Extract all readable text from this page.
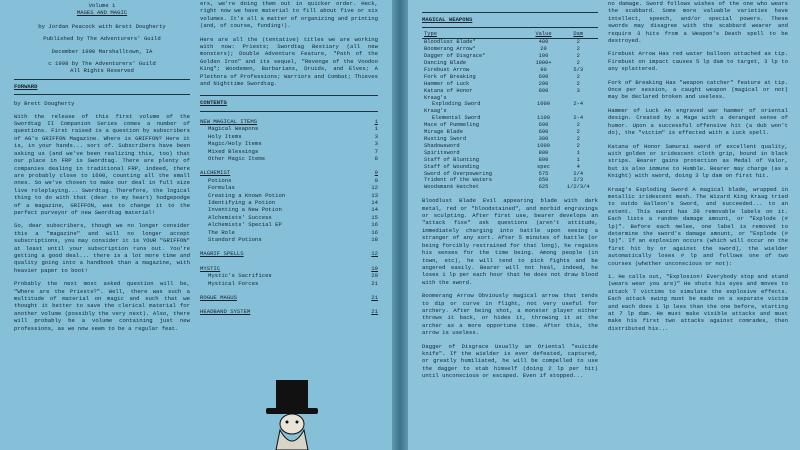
Volume 1
MAGES AND MAGIC
by Jordan Peacock with Brett Dougherty
Published by The Adventurers' Guild
December 1990 Marshalltown, IA
c 1998 by The Adventurers' Guild
All Rights Reserved
FORWARD
by Brett Dougherty

With the release of this first volume of the Swordtag II Companion Series comes a number of questions. First raised is a question by subscribers of AG's GRIFFON Magazine. Where is GRIFFON? Here it is, in your hands... sort of. Subscribers have been asking us (and we've been realizing this, too) that our place in FRP is Swordtag. There are plenty of companies dealing in traditional FRP, indeed, there are probably close to 1600, counting all the small ones. So we've chosen to make our deal in full size live roleplaying... Swordtag. Therefore, the logical thing to do with that (dear to my heart) hodgepodge of a magazine, GRIFFON, was to change it to the perfect purveyor of new Swordtag material!

So, dear subscribers, though we no longer consider this a "magazine" and will no longer accept subscriptions, you may consider it is YOUR "GRIFFON" at least until your subscription runs out. You're getting a good deal... there is a lot more time and quality going into a handbook than a magazine, with heavier paper to boot!

Probably the next most asked question will be, "Where are the Priests?". Well, there was such a multitude of material on magic and such that we thought it better to save the clerical material for another volume (possibly the very next). Also, there will probably be a volume containing just new professions, as we now seem to be a regular feat.

ers, we're doing them out in quicker order. Heck, right now we have material to fill about five or six volumes. It's all a matter of organizing and printing (and, of course, funding!).

Here are all the (tentative) titles we are working with now: Priests; Swordtag Bestiary (all new monsters); Double Adventure Feature, "Path of the Golden Iron" and its sequel, "Revenge of the Voodoo King"; Woodsmen, Barbarians, Druids, and Elves; A Plethora of Professions; Warriors and Combat; Thieves and Nighttime Swordtag.

CONTENTS
NEW MAGICAL ITEMS	1
Magical Weapons	1
Holy Items	3
Magic/Holy Items	3
Mixed Blessings	7
Other Magic Items	8
ALCHEMIST	9
Potions	9
Formulas	12
Creating a Known Potion	13
Identifying a Potion	14
Inventing a New Potion	14
Alchemists' Success	15
Alchemists' Special EP	16
The Role	16
Standard Potions	18
MAGRIF SPELLS	12
MYSTIC	19
Mystic's Sacrifices	20
Mystical Forces	21
ROGUE MAGUS	21
HEADBAND SYSTEM	21
MAGICAL WEAPONS
Type	Value	Dam
Bloodlust Blade*	400	2
Boomerang Arrow*	20	2
Dagger of Disgrace*	100	2
Dancing Blade	1000+	2
Firebust Arrow	90	5/3
Fork of Breaking	600	2
Hammer of Luck	200	2
Katana of Honor	800	3
Kraag's		
Exploding Sword	1000	2-4
Kraag's		
Elemental Sword	1100	2-4
Mace of Pummeling	600	2
Mirage Blade	600	2
Rusting Sword	300	2
Shadowsword	1000	2
Spiritsword	800	1
Staff of Blunting	800	1
Staff of Wounding	spec	4
Sword of Overpowering	575	2/4
Trident of the Waters	650	2/3
Woodsmanś Hatchet	625	1/2/3/4

Bloodlust Blade Evil appearing blade with dark metal, red or "bloodstained", and morbid engravings or sculpting. After first use, bearer develops an "attack fixe" ask questions (aren't attitude, immediately charging into battle upon seeing a stranger of any sort. After 5 minutes of battle (or being forcibly restrained for that long), he regains his senses for the time being. Among people (in town, etc), he will tend to pick fights and be angered easily. Bearer will not heal, indeed, he loses 1 lp per each hour that he does not draw blood with the sword.

Boomerang Arrow Obviously magical arrow that tends to dip or curve in flight, not very useful for archery. After being shot, a monster player either throws it back, or hides it, throwing it at the archer as a more opportune time. After this, the arrow is useless.

Dagger of Disgrace Usually an Oriental "suicide knife". If the wielder is ever defeated, captured, or greatly humiliated, he will be compelled to use the dagger to stab himself (doing 2 lp per hit) until unconscious or escaped. Even if stopped...

no damage. Sword follows wishes of the one who wears the scabbard. Some more valuable varieties have intellect, speech, and/or special powers. These swords may disagree with the scabbard wearer and require 3 hits from a Weapon's Death spell to be destroyed.

Firebust Arrow Has red water balloon attached as tip. Firebust on impact causes 5 lp dam to target, 3 lp to any splattered.

Fork of Breaking Has "weapon catcher" feature at tip. Once per session, a caught weapon (magical or not) may be declared broken and useless.

Hammer of Luck An engraved war hammer of oriental design. Created by a Mage with a deranged sense of humor. Upon a successful offensive hit (a dub won't do), the "victim" is effected with a Luck spell.

Katana of Honor Samurai sword of excellent quality, with golden or iridescent cloth grip, bound in black strips. Bearer gains protection as Medal of Valor, but is also immune to Humble. Bearer may charge (as a Knight) with sword, doing 3 lp dam on first hit.

Kraag's Exploding Sword A magical blade, wrapped in metallic iridescent mesh. The Wizard King Kraag tried to outdo Galleon's Sword, and succeeded... to an extent. This sword has 20 removable labels on it. Each lists a random damage amount, or "Explode (# lp)". Before each melee, one label is removed to determine the sword's damage amount, or "Explode (# lp)". If an explosion occurs (which will occur on the first hit by or against the sword), the wielder automatically loses # lp and follows one of two courses (whether unconscious or not):

1. He calls out, "Explosion! Everybody stop and stand (wears wear you are)" He shuts his eyes and moves to attack 7 victims to simulate the explosive effects. Each attack swing must be made on a separate victim and each does 1 lp less than the one before, starting at 7 lp dam. He must make visible attacks and must make his first two attacks against comrades, then distributed his...
